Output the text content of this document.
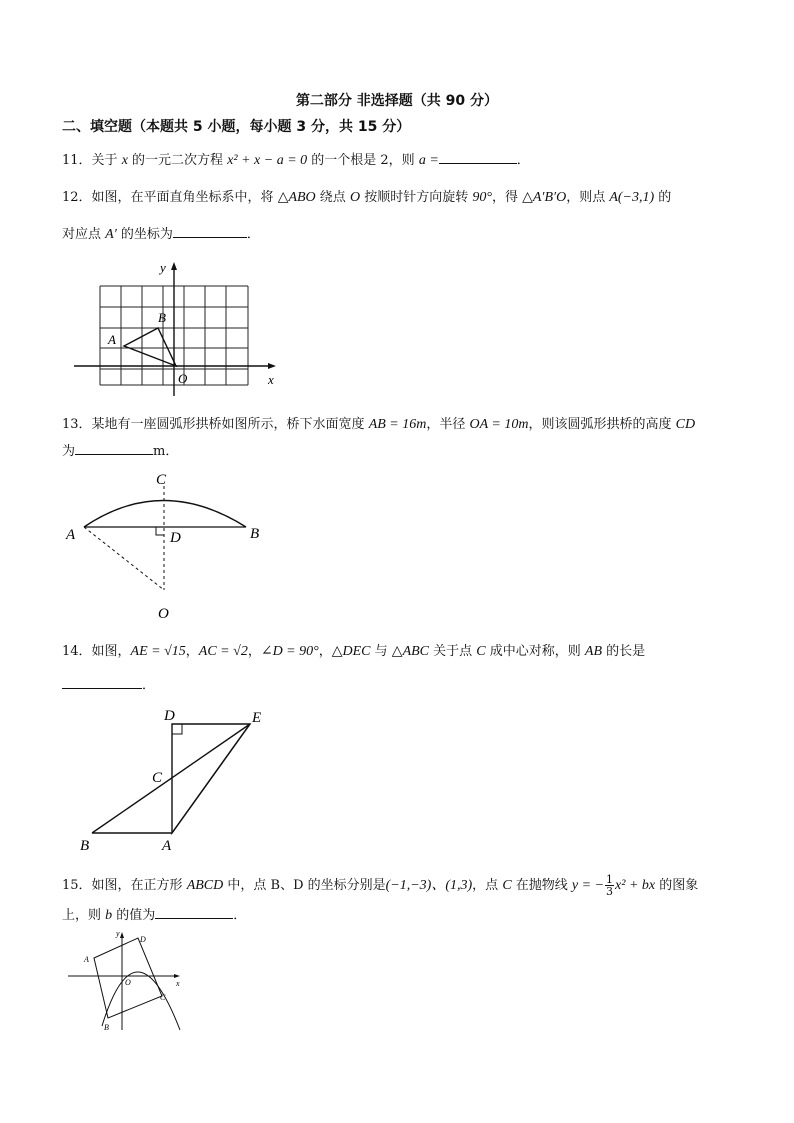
第二部分 非选择题（共 90 分）
二、填空题（本题共 5 小题，每小题 3 分，共 15 分）
11．关于 x 的一元二次方程 x² + x − a = 0 的一个根是 2，则 a =	．
12．如图，在平面直角坐标系中，将 △ABO 绕点 O 按顺时针方向旋转 90°，得 △A′B′O，则点 A(−3,1) 的
对应点 A′ 的坐标为	．
y
x
O
A
B
13．某地有一座圆弧形拱桥如图所示，桥下水面宽度 AB = 16m，半径 OA = 10m，则该圆弧形拱桥的高度 CD
为	m．
A	B
C
D
O
14．如图，AE = √15，AC = √2，∠D = 90°，△DEC 与 △ABC 关于点 C 成中心对称，则 AB 的长是
．
D	E
C
B	A
15．如图，在正方形 ABCD 中，点 B、D 的坐标分别是(−1,−3)、(1,3)，点 C 在抛物线 y = − $\frac{1}{3} x^2$ + bx 的图象
上，则 b 的值为	．
y
x
O
A
D
C
B
